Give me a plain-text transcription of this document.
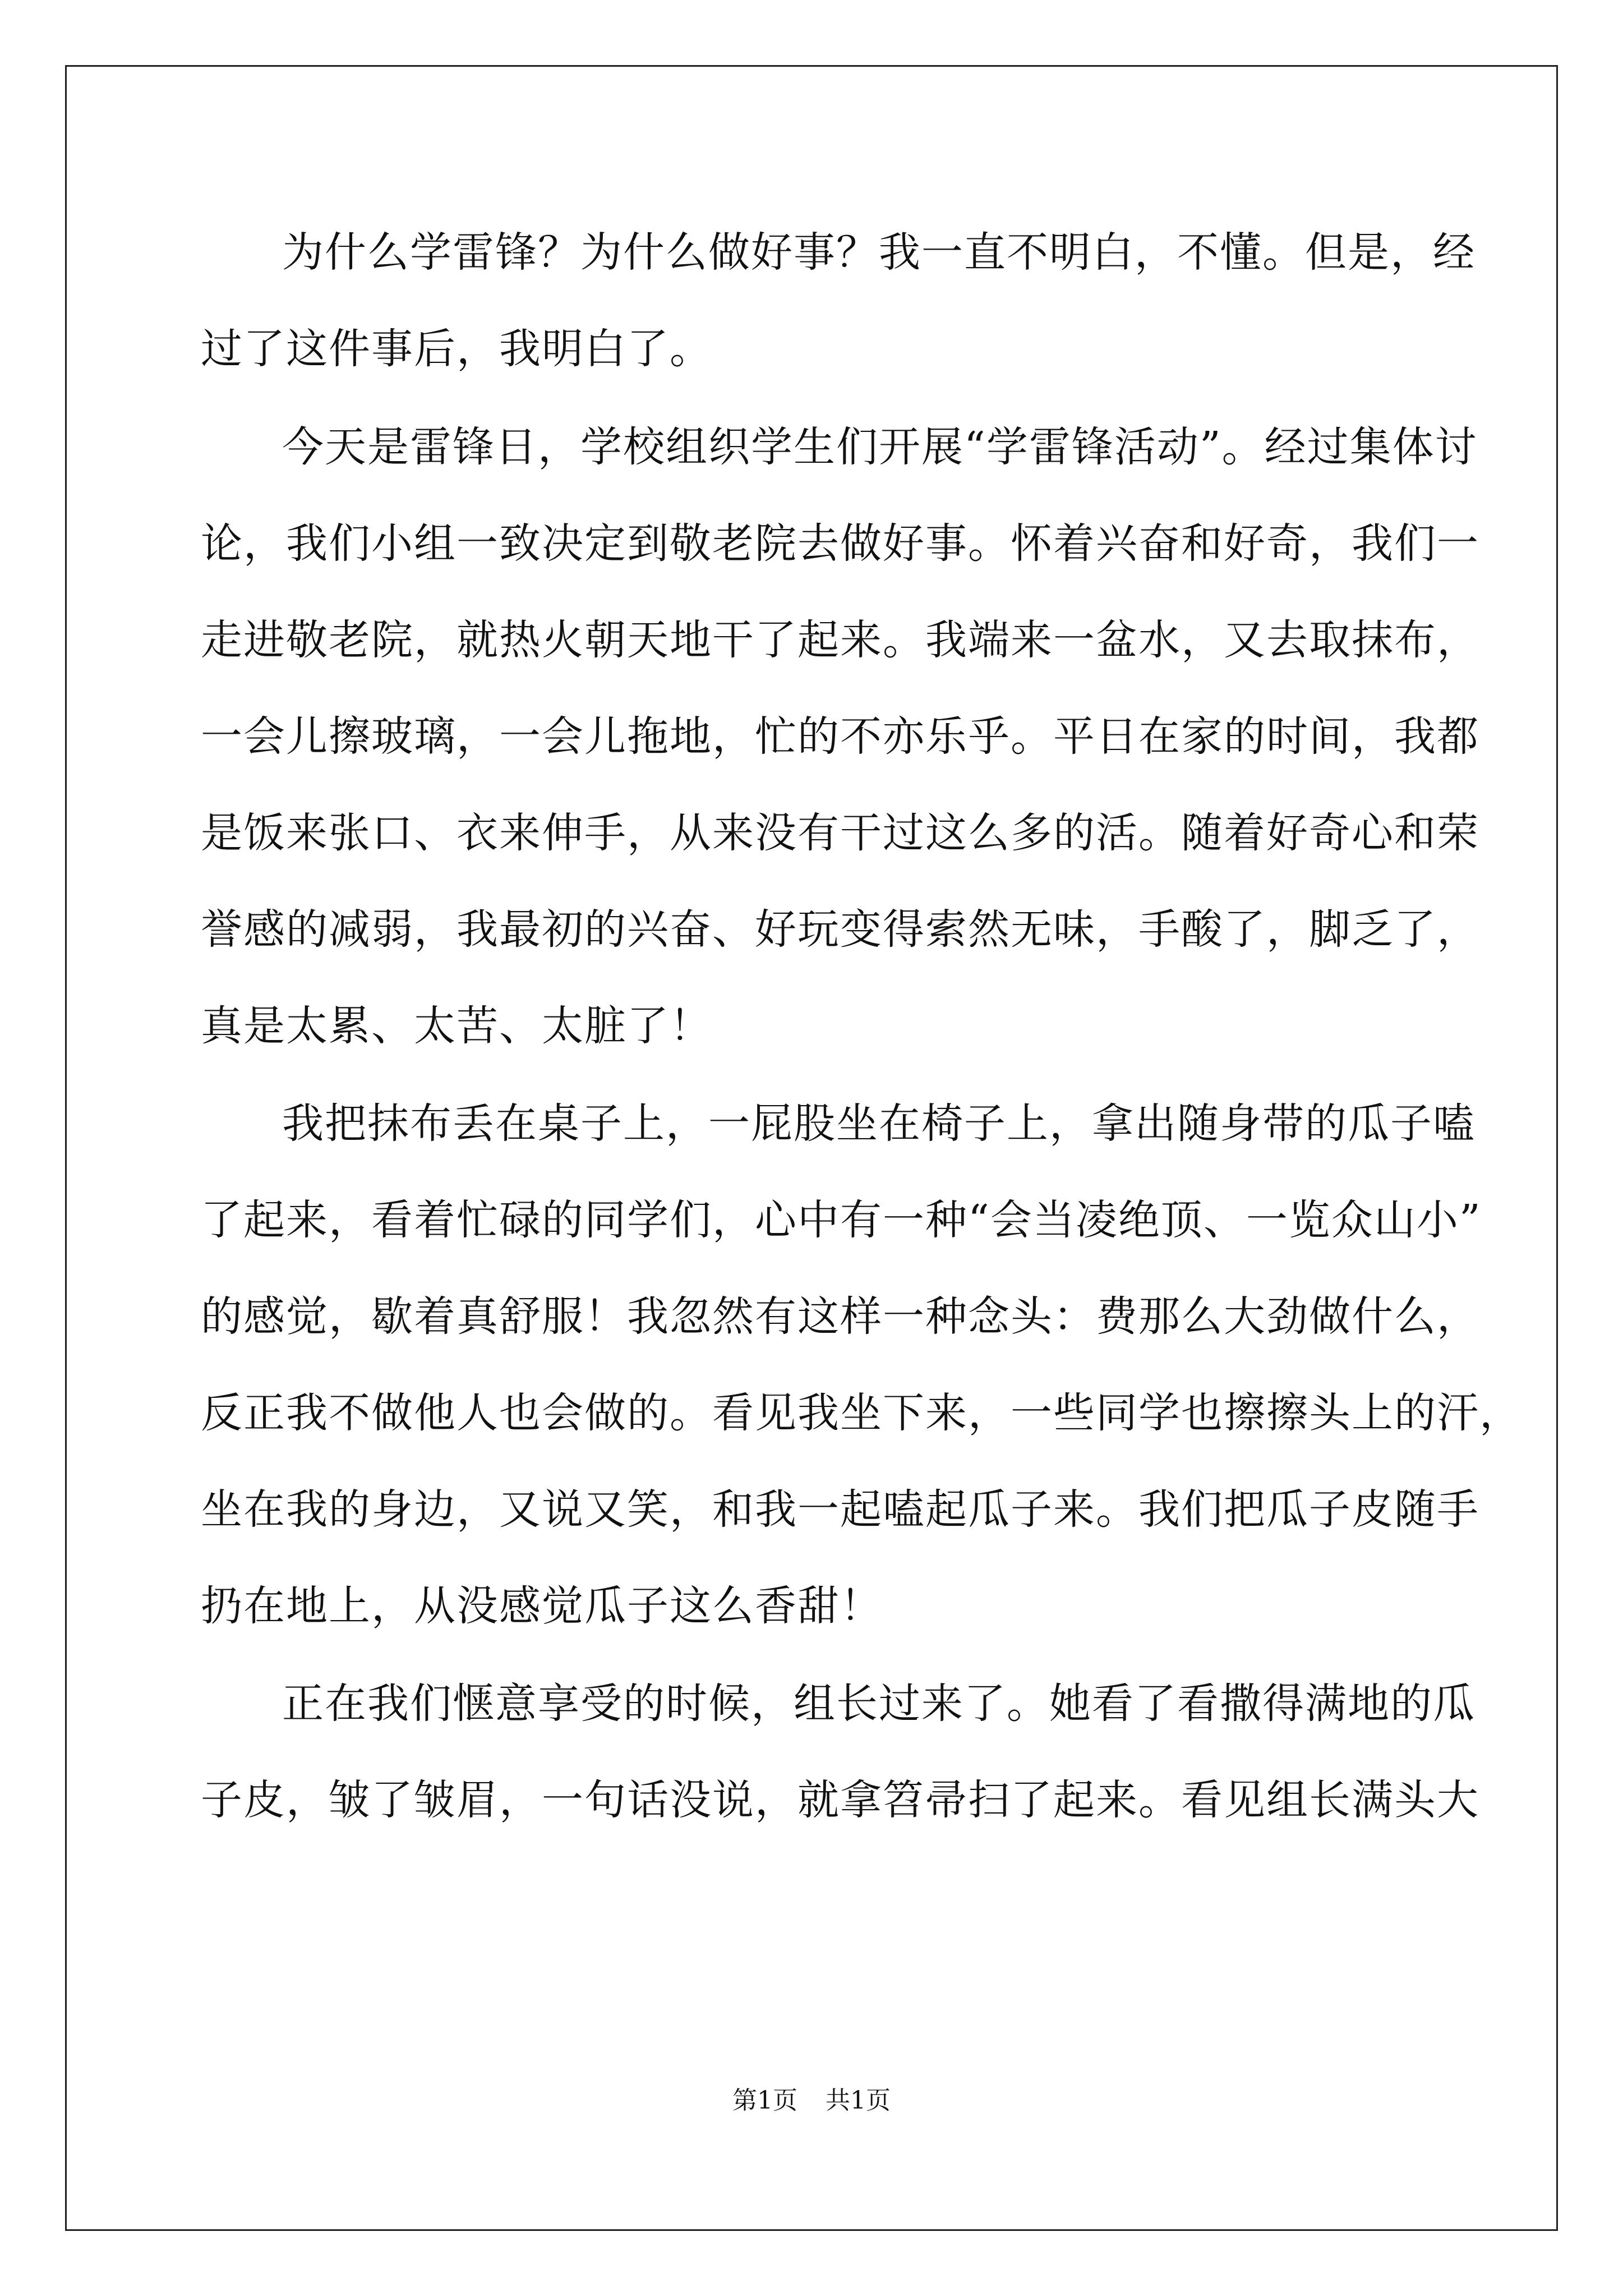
为什么学雷锋？为什么做好事？我一直不明白，不懂。但是，经
过了这件事后，我明白了。
今天是雷锋日，学校组织学生们开展“学雷锋活动”。经过集体讨
论，我们小组一致决定到敬老院去做好事。怀着兴奋和好奇，我们一
走进敬老院，就热火朝天地干了起来。我端来一盆水，又去取抹布，
一会儿擦玻璃，一会儿拖地，忙的不亦乐乎。平日在家的时间，我都
是饭来张口、衣来伸手，从来没有干过这么多的活。随着好奇心和荣
誉感的减弱，我最初的兴奋、好玩变得索然无味，手酸了，脚乏了，
真是太累、太苦、太脏了！
我把抹布丢在桌子上，一屁股坐在椅子上，拿出随身带的瓜子嗑
了起来，看着忙碌的同学们，心中有一种“会当凌绝顶、一览众山小”
的感觉，歇着真舒服！我忽然有这样一种念头：费那么大劲做什么，
反正我不做他人也会做的。看见我坐下来，一些同学也擦擦头上的汗，
坐在我的身边，又说又笑，和我一起嗑起瓜子来。我们把瓜子皮随手
扔在地上，从没感觉瓜子这么香甜！
正在我们惬意享受的时候，组长过来了。她看了看撒得满地的瓜
子皮，皱了皱眉，一句话没说，就拿笤帚扫了起来。看见组长满头大
第1页 共1页
